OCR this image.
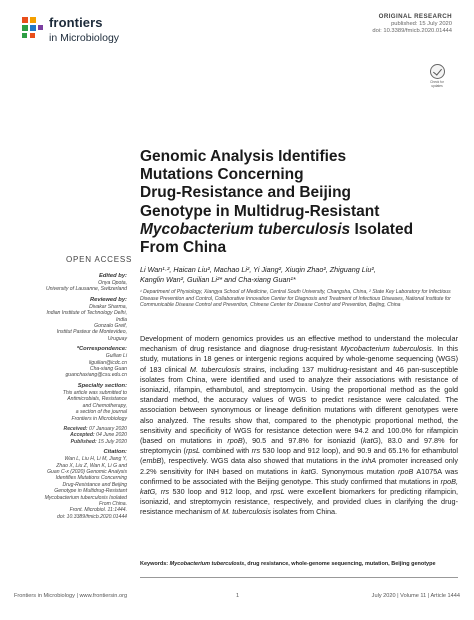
frontiers
in Microbiology
ORIGINAL RESEARCH
published: 15 July 2020
doi: 10.3389/fmicb.2020.01444
Check for updates
Genomic Analysis Identifies
Mutations Concerning
Drug-Resistance and Beijing
Genotype in Multidrug-Resistant
Mycobacterium tuberculosis Isolated
From China
OPEN ACCESS
Edited by:
Onya Opota,
University of Lausanne, Switzerland
Reviewed by:
Divakar Sharma,
Indian Institute of Technology Delhi,
India
Gonzalo Greif,
Institut Pasteur de Montevideo,
Uruguay
*Correspondence:
Guilian Li
liguilian@icdc.cn
Cha-xiang Guan
guanchaxiang@csu.edu.cn
Specialty section:
This article was submitted to
Antimicrobials, Resistance
and Chemotherapy,
a section of the journal
Frontiers in Microbiology
Received: 07 January 2020
Accepted: 04 June 2020
Published: 15 July 2020
Citation:
Wan L, Liu H, Li M, Jiang Y,
Zhao X, Liu Z, Wan K, Li G and
Guan C-x (2020) Genomic Analysis
Identifies Mutations Concerning
Drug-Resistance and Beijing
Genotype in Multidrug-Resistant
Mycobacterium tuberculosis Isolated
From China.
Front. Microbiol. 11:1444.
doi: 10.3389/fmicb.2020.01444
Li Wan¹·², Haican Liu², Machao Li², Yi Jiang², Xiuqin Zhao², Zhiguang Liu²,
Kanglin Wan², Guilian Li²* and Cha-xiang Guan¹*
¹ Department of Physiology, Xiangya School of Medicine, Central South University, Changsha, China, ² State Key Laboratory for Infectious Disease Prevention and Control, Collaborative Innovation Center for Diagnosis and Treatment of Infectious Diseases, National Institute for Communicable Disease Control and Prevention, Chinese Center for Disease Control and Prevention, Beijing, China
Development of modern genomics provides us an effective method to understand the molecular mechanism of drug resistance and diagnose drug-resistant Mycobacterium tuberculosis. In this study, mutations in 18 genes or intergenic regions acquired by whole-genome sequencing (WGS) of 183 clinical M. tuberculosis strains, including 137 multidrug-resistant and 46 pan-susceptible isolates from China, were identified and used to analyze their associations with resistance of isoniazid, rifampin, ethambutol, and streptomycin. Using the proportional method as the gold standard method, the accuracy values of WGS to predict resistance were calculated. The association between synonymous or lineage definition mutations with different genotypes were also analyzed. The results show that, compared to the phenotypic proportional method, the sensitivity and specificity of WGS for resistance detection were 94.2 and 100.0% for rifampicin (based on mutations in rpoB), 90.5 and 97.8% for isoniazid (katG), 83.0 and 97.8% for streptomycin (rpsL combined with rrs 530 loop and 912 loop), and 90.9 and 65.1% for ethambutol (embB), respectively. WGS data also showed that mutations in the inhA promoter increased only 2.2% sensitivity for INH based on mutations in katG. Synonymous mutation rpoB A1075A was confirmed to be associated with the Beijing genotype. This study confirmed that mutations in rpoB, katG, rrs 530 loop and 912 loop, and rpsL were excellent biomarkers for predicting rifampicin, isoniazid, and streptomycin resistance, respectively, and provided clues in clarifying the drug-resistance mechanism of M. tuberculosis isolates from China.
Keywords: Mycobacterium tuberculosis, drug resistance, whole-genome sequencing, mutation, Beijing genotype
Frontiers in Microbiology | www.frontiersin.org	1	July 2020 | Volume 11 | Article 1444
